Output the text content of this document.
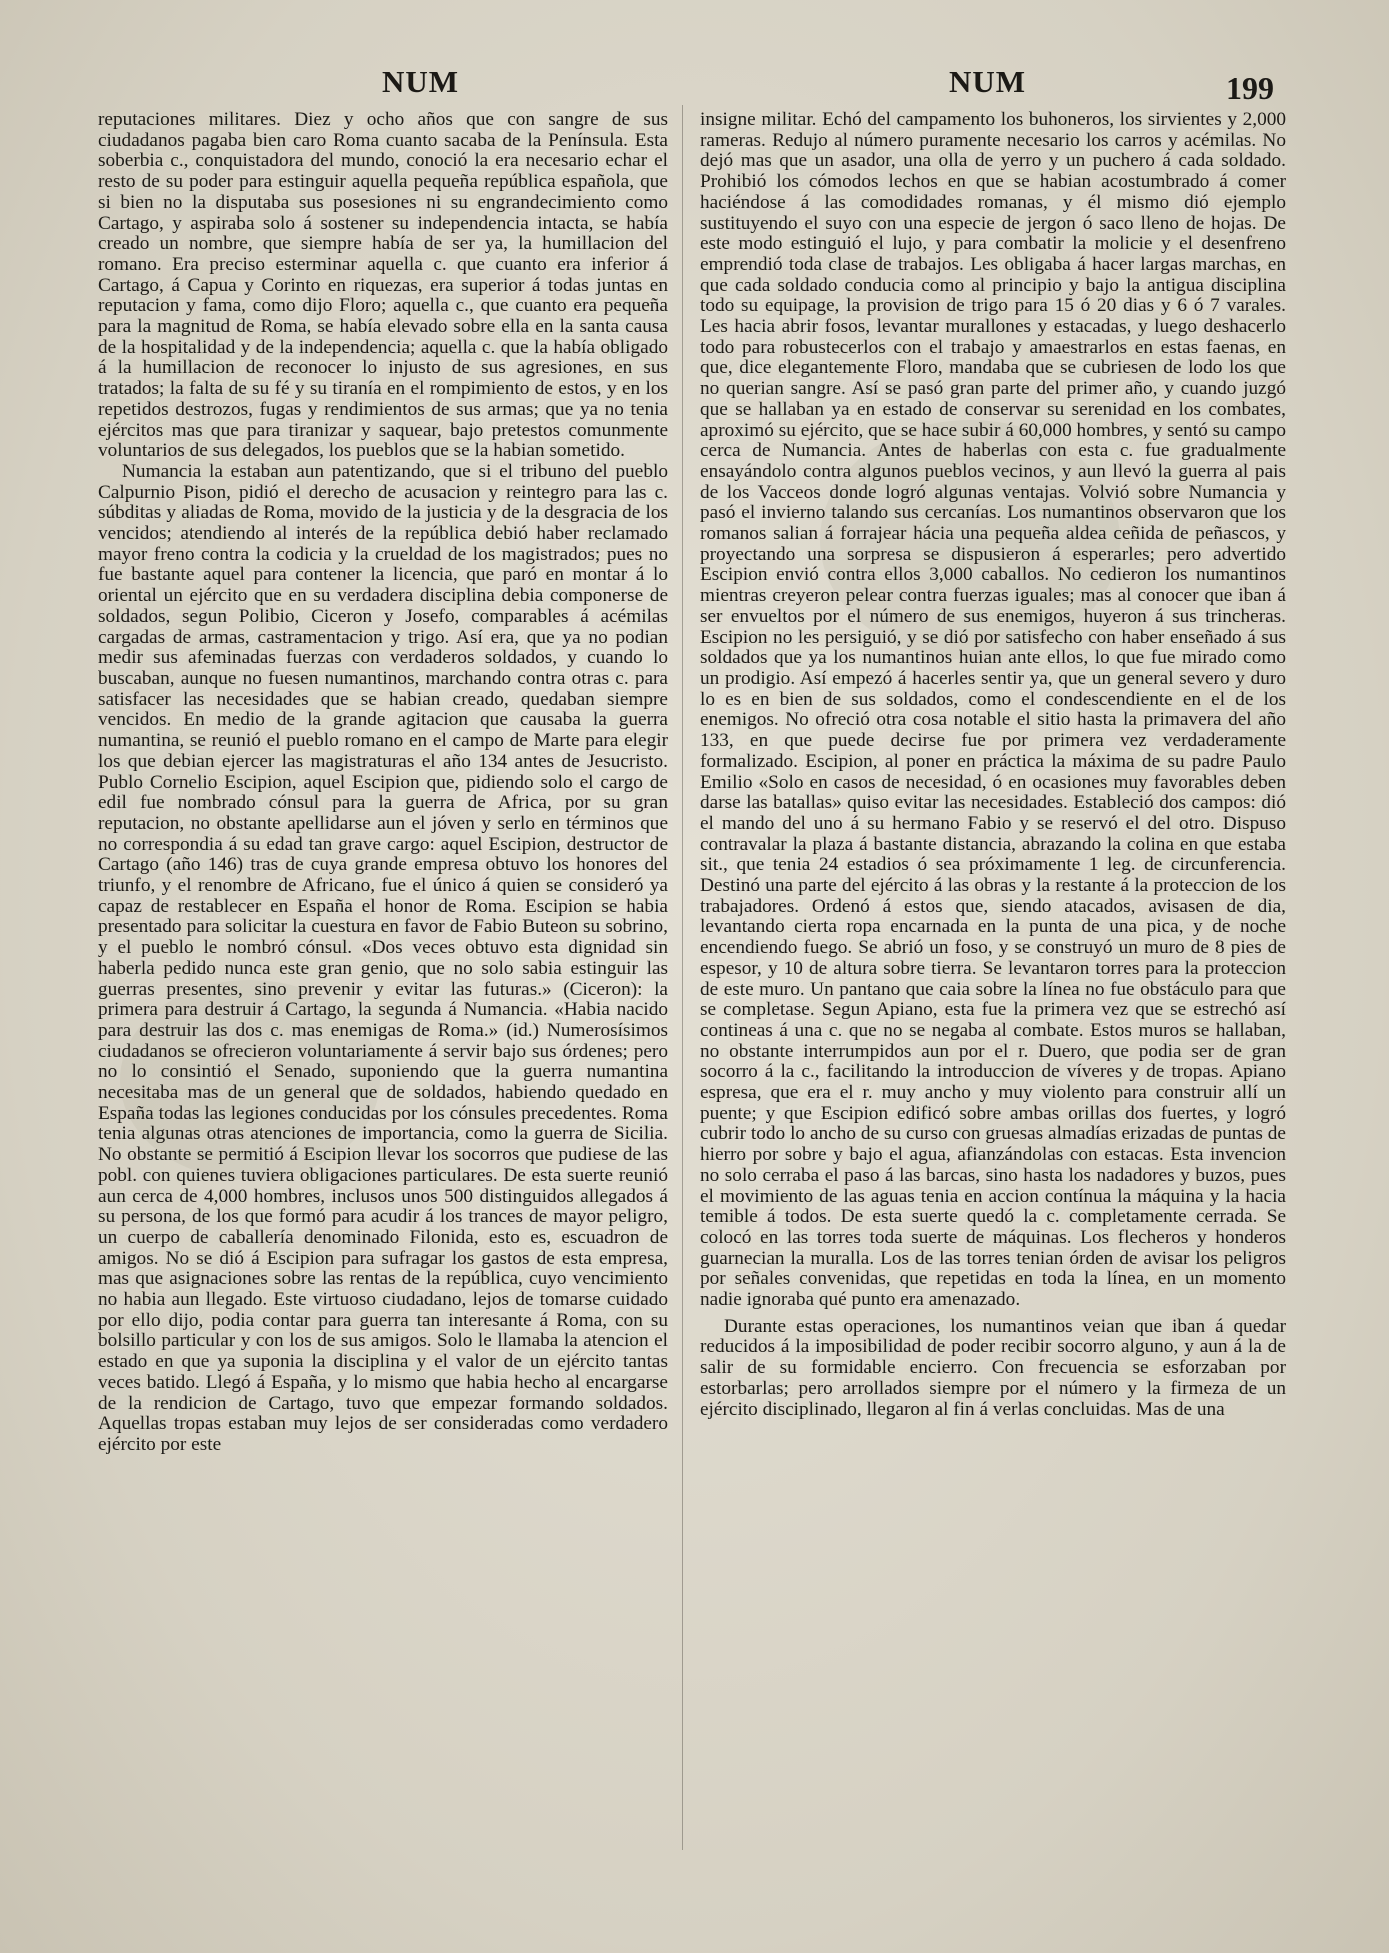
NUM	NUM	199

reputaciones militares. Diez y ocho años que con sangre de sus ciudadanos pagaba bien caro Roma cuanto sacaba de la Península. Esta soberbia c., conquistadora del mundo, conoció la era necesario echar el resto de su poder para estinguir aquella pequeña república española, que si bien no la disputaba sus posesiones ni su engrandecimiento como Cartago, y aspiraba solo á sostener su independencia intacta, se había creado un nombre, que siempre había de ser ya, la humillacion del romano. Era preciso esterminar aquella c. que cuanto era inferior á Cartago, á Capua y Corinto en riquezas, era superior á todas juntas en reputacion y fama, como dijo Floro; aquella c., que cuanto era pequeña para la magnitud de Roma, se había elevado sobre ella en la santa causa de la hospitalidad y de la independencia; aquella c. que la había obligado á la humillacion de reconocer lo injusto de sus agresiones, en sus tratados; la falta de su fé y su tiranía en el rompimiento de estos, y en los repetidos destrozos, fugas y rendimientos de sus armas; que ya no tenia ejércitos mas que para tiranizar y saquear, bajo pretestos comunmente voluntarios de sus delegados, los pueblos que se la habian sometido.

Numancia la estaban aun patentizando, que si el tribuno del pueblo Calpurnio Pison, pidió el derecho de acusacion y reintegro para las c. súbditas y aliadas de Roma, movido de la justicia y de la desgracia de los vencidos; atendiendo al interés de la república debió haber reclamado mayor freno contra la codicia y la crueldad de los magistrados; pues no fue bastante aquel para contener la licencia, que paró en montar á lo oriental un ejército que en su verdadera disciplina debia componerse de soldados, segun Polibio, Ciceron y Josefo, comparables á acémilas cargadas de armas, castramentacion y trigo. Así era, que ya no podian medir sus afeminadas fuerzas con verdaderos soldados, y cuando lo buscaban, aunque no fuesen numantinos, marchando contra otras c. para satisfacer las necesidades que se habian creado, quedaban siempre vencidos. En medio de la grande agitacion que causaba la guerra numantina, se reunió el pueblo romano en el campo de Marte para elegir los que debian ejercer las magistraturas el año 134 antes de Jesucristo. Publo Cornelio Escipion, aquel Escipion que, pidiendo solo el cargo de edil fue nombrado cónsul para la guerra de Africa, por su gran reputacion, no obstante apellidarse aun el jóven y serlo en términos que no correspondia á su edad tan grave cargo: aquel Escipion, destructor de Cartago (año 146) tras de cuya grande empresa obtuvo los honores del triunfo, y el renombre de Africano, fue el único á quien se consideró ya capaz de restablecer en España el honor de Roma. Escipion se habia presentado para solicitar la cuestura en favor de Fabio Buteon su sobrino, y el pueblo le nombró cónsul. «Dos veces obtuvo esta dignidad sin haberla pedido nunca este gran genio, que no solo sabia estinguir las guerras presentes, sino prevenir y evitar las futuras.» (Ciceron): la primera para destruir á Cartago, la segunda á Numancia. «Habia nacido para destruir las dos c. mas enemigas de Roma.» (id.) Numerosísimos ciudadanos se ofrecieron voluntariamente á servir bajo sus órdenes; pero no lo consintió el Senado, suponiendo que la guerra numantina necesitaba mas de un general que de soldados, habiendo quedado en España todas las legiones conducidas por los cónsules precedentes. Roma tenia algunas otras atenciones de importancia, como la guerra de Sicilia. No obstante se permitió á Escipion llevar los socorros que pudiese de las pobl. con quienes tuviera obligaciones particulares. De esta suerte reunió aun cerca de 4,000 hombres, inclusos unos 500 distinguidos allegados á su persona, de los que formó para acudir á los trances de mayor peligro, un cuerpo de caballería denominado Filonida, esto es, escuadron de amigos. No se dió á Escipion para sufragar los gastos de esta empresa, mas que asignaciones sobre las rentas de la república, cuyo vencimiento no habia aun llegado. Este virtuoso ciudadano, lejos de tomarse cuidado por ello dijo, podia contar para guerra tan interesante á Roma, con su bolsillo particular y con los de sus amigos. Solo le llamaba la atencion el estado en que ya suponia la disciplina y el valor de un ejército tantas veces batido. Llegó á España, y lo mismo que habia hecho al encargarse de la rendicion de Cartago, tuvo que empezar formando soldados. Aquellas tropas estaban muy lejos de ser consideradas como verdadero ejército por este

insigne militar. Echó del campamento los buhoneros, los sirvientes y 2,000 rameras. Redujo al número puramente necesario los carros y acémilas. No dejó mas que un asador, una olla de yerro y un puchero á cada soldado. Prohibió los cómodos lechos en que se habian acostumbrado á comer haciéndose á las comodidades romanas, y él mismo dió ejemplo sustituyendo el suyo con una especie de jergon ó saco lleno de hojas. De este modo estinguió el lujo, y para combatir la molicie y el desenfreno emprendió toda clase de trabajos. Les obligaba á hacer largas marchas, en que cada soldado conducia como al principio y bajo la antigua disciplina todo su equipage, la provision de trigo para 15 ó 20 dias y 6 ó 7 varales. Les hacia abrir fosos, levantar murallones y estacadas, y luego deshacerlo todo para robustecerlos con el trabajo y amaestrarlos en estas faenas, en que, dice elegantemente Floro, mandaba que se cubriesen de lodo los que no querian sangre. Así se pasó gran parte del primer año, y cuando juzgó que se hallaban ya en estado de conservar su serenidad en los combates, aproximó su ejército, que se hace subir á 60,000 hombres, y sentó su campo cerca de Numancia. Antes de haberlas con esta c. fue gradualmente ensayándolo contra algunos pueblos vecinos, y aun llevó la guerra al pais de los Vacceos donde logró algunas ventajas. Volvió sobre Numancia y pasó el invierno talando sus cercanías. Los numantinos observaron que los romanos salian á forrajear hácia una pequeña aldea ceñida de peñascos, y proyectando una sorpresa se dispusieron á esperarles; pero advertido Escipion envió contra ellos 3,000 caballos. No cedieron los numantinos mientras creyeron pelear contra fuerzas iguales; mas al conocer que iban á ser envueltos por el número de sus enemigos, huyeron á sus trincheras. Escipion no les persiguió, y se dió por satisfecho con haber enseñado á sus soldados que ya los numantinos huian ante ellos, lo que fue mirado como un prodigio. Así empezó á hacerles sentir ya, que un general severo y duro lo es en bien de sus soldados, como el condescendiente en el de los enemigos. No ofreció otra cosa notable el sitio hasta la primavera del año 133, en que puede decirse fue por primera vez verdaderamente formalizado. Escipion, al poner en práctica la máxima de su padre Paulo Emilio «Solo en casos de necesidad, ó en ocasiones muy favorables deben darse las batallas» quiso evitar las necesidades. Estableció dos campos: dió el mando del uno á su hermano Fabio y se reservó el del otro. Dispuso contravalar la plaza á bastante distancia, abrazando la colina en que estaba sit., que tenia 24 estadios ó sea próximamente 1 leg. de circunferencia. Destinó una parte del ejército á las obras y la restante á la proteccion de los trabajadores. Ordenó á estos que, siendo atacados, avisasen de dia, levantando cierta ropa encarnada en la punta de una pica, y de noche encendiendo fuego. Se abrió un foso, y se construyó un muro de 8 pies de espesor, y 10 de altura sobre tierra. Se levantaron torres para la proteccion de este muro. Un pantano que caia sobre la línea no fue obstáculo para que se completase. Segun Apiano, esta fue la primera vez que se estrechó así contineas á una c. que no se negaba al combate. Estos muros se hallaban, no obstante interrumpidos aun por el r. Duero, que podia ser de gran socorro á la c., facilitando la introduccion de víveres y de tropas. Apiano espresa, que era el r. muy ancho y muy violento para construir allí un puente; y que Escipion edificó sobre ambas orillas dos fuertes, y logró cubrir todo lo ancho de su curso con gruesas almadías erizadas de puntas de hierro por sobre y bajo el agua, afianzándolas con estacas. Esta invencion no solo cerraba el paso á las barcas, sino hasta los nadadores y buzos, pues el movimiento de las aguas tenia en accion contínua la máquina y la hacia temible á todos. De esta suerte quedó la c. completamente cerrada. Se colocó en las torres toda suerte de máquinas. Los flecheros y honderos guarnecian la muralla. Los de las torres tenian órden de avisar los peligros por señales convenidas, que repetidas en toda la línea, en un momento nadie ignoraba qué punto era amenazado.

Durante estas operaciones, los numantinos veian que iban á quedar reducidos á la imposibilidad de poder recibir socorro alguno, y aun á la de salir de su formidable encierro. Con frecuencia se esforzaban por estorbarlas; pero arrollados siempre por el número y la firmeza de un ejército disciplinado, llegaron al fin á verlas concluidas. Mas de una
